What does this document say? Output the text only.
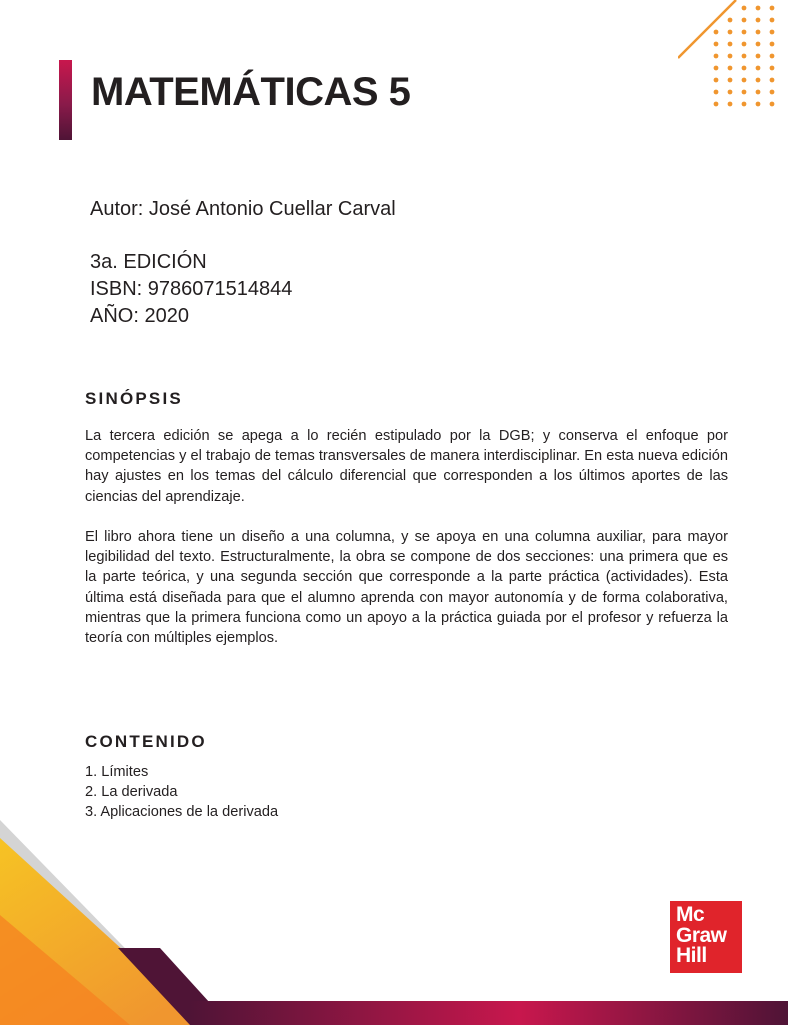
MATEMÁTICAS 5

Autor: José Antonio Cuellar Carval

3a. EDICIÓN

ISBN: 9786071514844

AÑO: 2020

SINÓPSIS

La tercera edición se apega a lo recién estipulado por la DGB; y conserva el enfoque por competencias y el trabajo de temas transversales de manera interdisciplinar. En esta nueva edición hay ajustes en los temas del cálculo diferencial que corresponden a los últimos aportes de las ciencias del aprendizaje.

El libro ahora tiene un diseño a una columna, y se apoya en una columna auxiliar, para mayor legibilidad del texto. Estructuralmente, la obra se compone de dos secciones: una primera que es la parte teórica, y una segunda sección que corresponde a la parte práctica (actividades). Esta última está diseñada para que el alumno aprenda con mayor autonomía y de forma colaborativa, mientras que la primera funciona como un apoyo a la práctica guiada por el profesor y refuerza la teoría con múltiples ejemplos.

CONTENIDO
1. Límites
2. La derivada
3. Aplicaciones de la derivada
Mc
Graw
Hill
